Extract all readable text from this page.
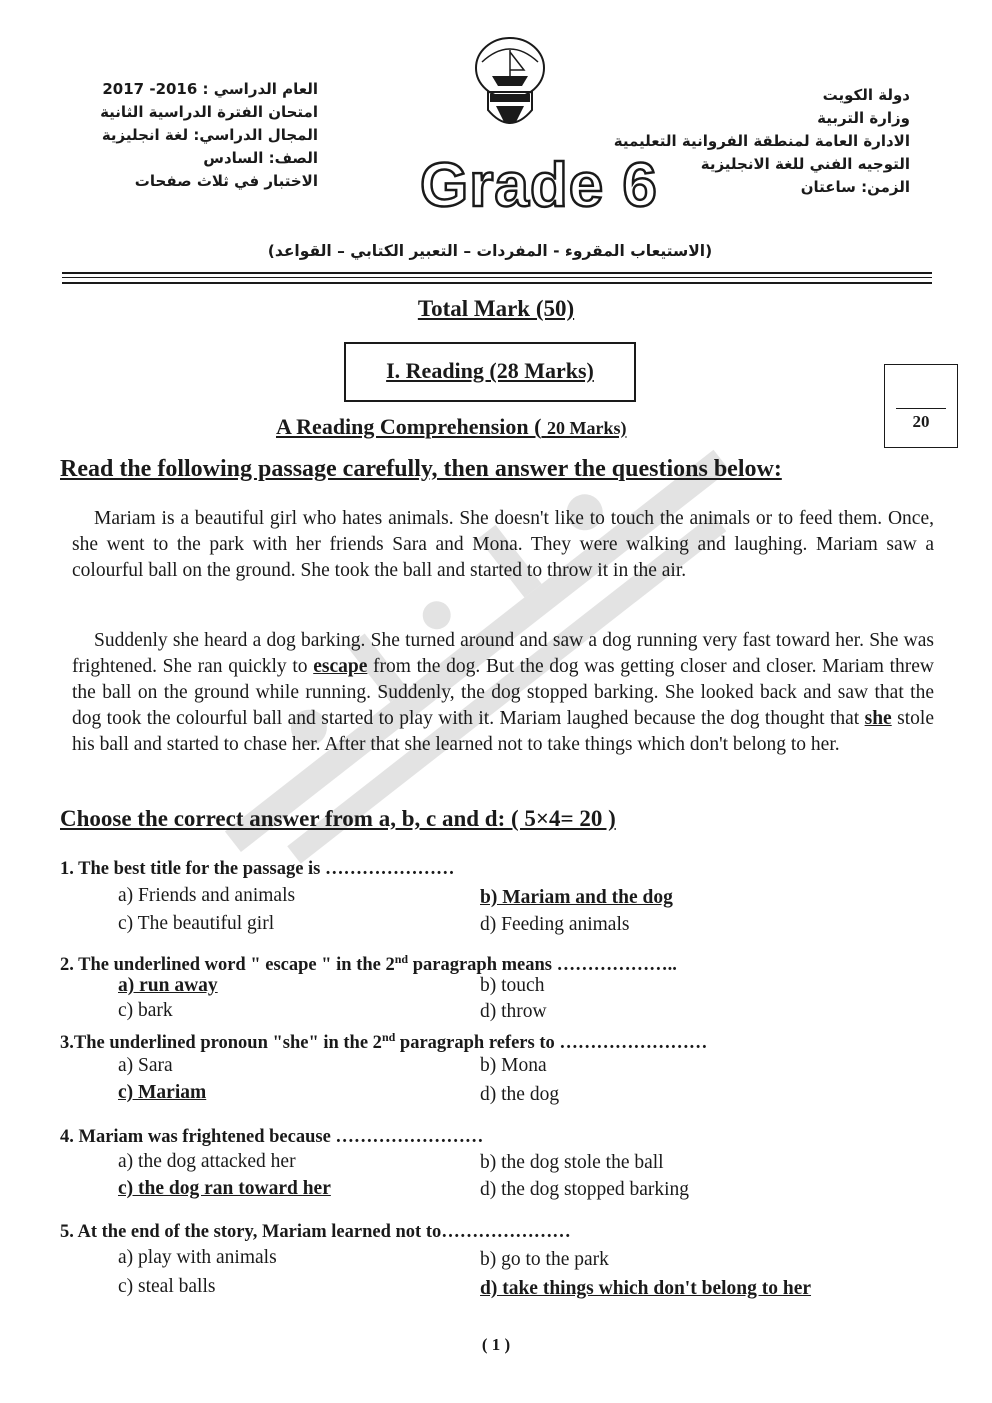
العام الدراسي : 2016- 2017
امتحان الفترة الدراسية الثانية
المجال الدراسي: لغة انجليزية
الصف: السادس
الاختبار في ثلاث صفحات Grade 6
دولة الكويت
وزارة التربية
الادارة العامة لمنطقة الفروانية التعليمية
التوجيه الفني للغة الانجليزية
الزمن: ساعتان
(الاستيعاب المقروء - المفردات – التعبير الكتابي – القواعد)
Total Mark (50)
I. Reading (28 Marks)
20
A Reading Comprehension ( 20 Marks)
Read the following passage carefully, then answer the questions below:
Mariam is a beautiful girl who hates animals. She doesn't like to touch the animals or to feed them. Once, she went to the park with her friends Sara and Mona. They were walking and laughing. Mariam saw a colourful ball on the ground. She took the ball and started to throw it in the air.
Suddenly she heard a dog barking. She turned around and saw a dog running very fast toward her. She was frightened. She ran quickly to escape from the dog. But the dog was getting closer and closer. Mariam threw the ball on the ground while running. Suddenly, the dog stopped barking. She looked back and saw that the dog took the colourful ball and started to play with it. Mariam laughed because the dog thought that she stole his ball and started to chase her. After that she learned not to take things which don't belong to her.
Choose the correct answer from a, b, c and d: ( 5×4= 20 )
1. The best title for the passage is …………………
a) Friends and animals	b) Mariam and the dog
c) The beautiful girl	d) Feeding animals
2. The underlined word " escape " in the 2nd paragraph means ………………..
a) run away	b) touch
c) bark	d) throw
3.The underlined pronoun "she" in the 2nd paragraph refers to ……………………
a) Sara	b) Mona
c) Mariam	d) the dog
4. Mariam was frightened because ……………………
a) the dog attacked her	b) the dog stole the ball
c) the dog ran toward her	d) the dog stopped barking
5. At the end of the story, Mariam learned not to…………………
a) play with animals	b) go to the park
c) steal balls	d) take things which don't belong to her
( 1 )
